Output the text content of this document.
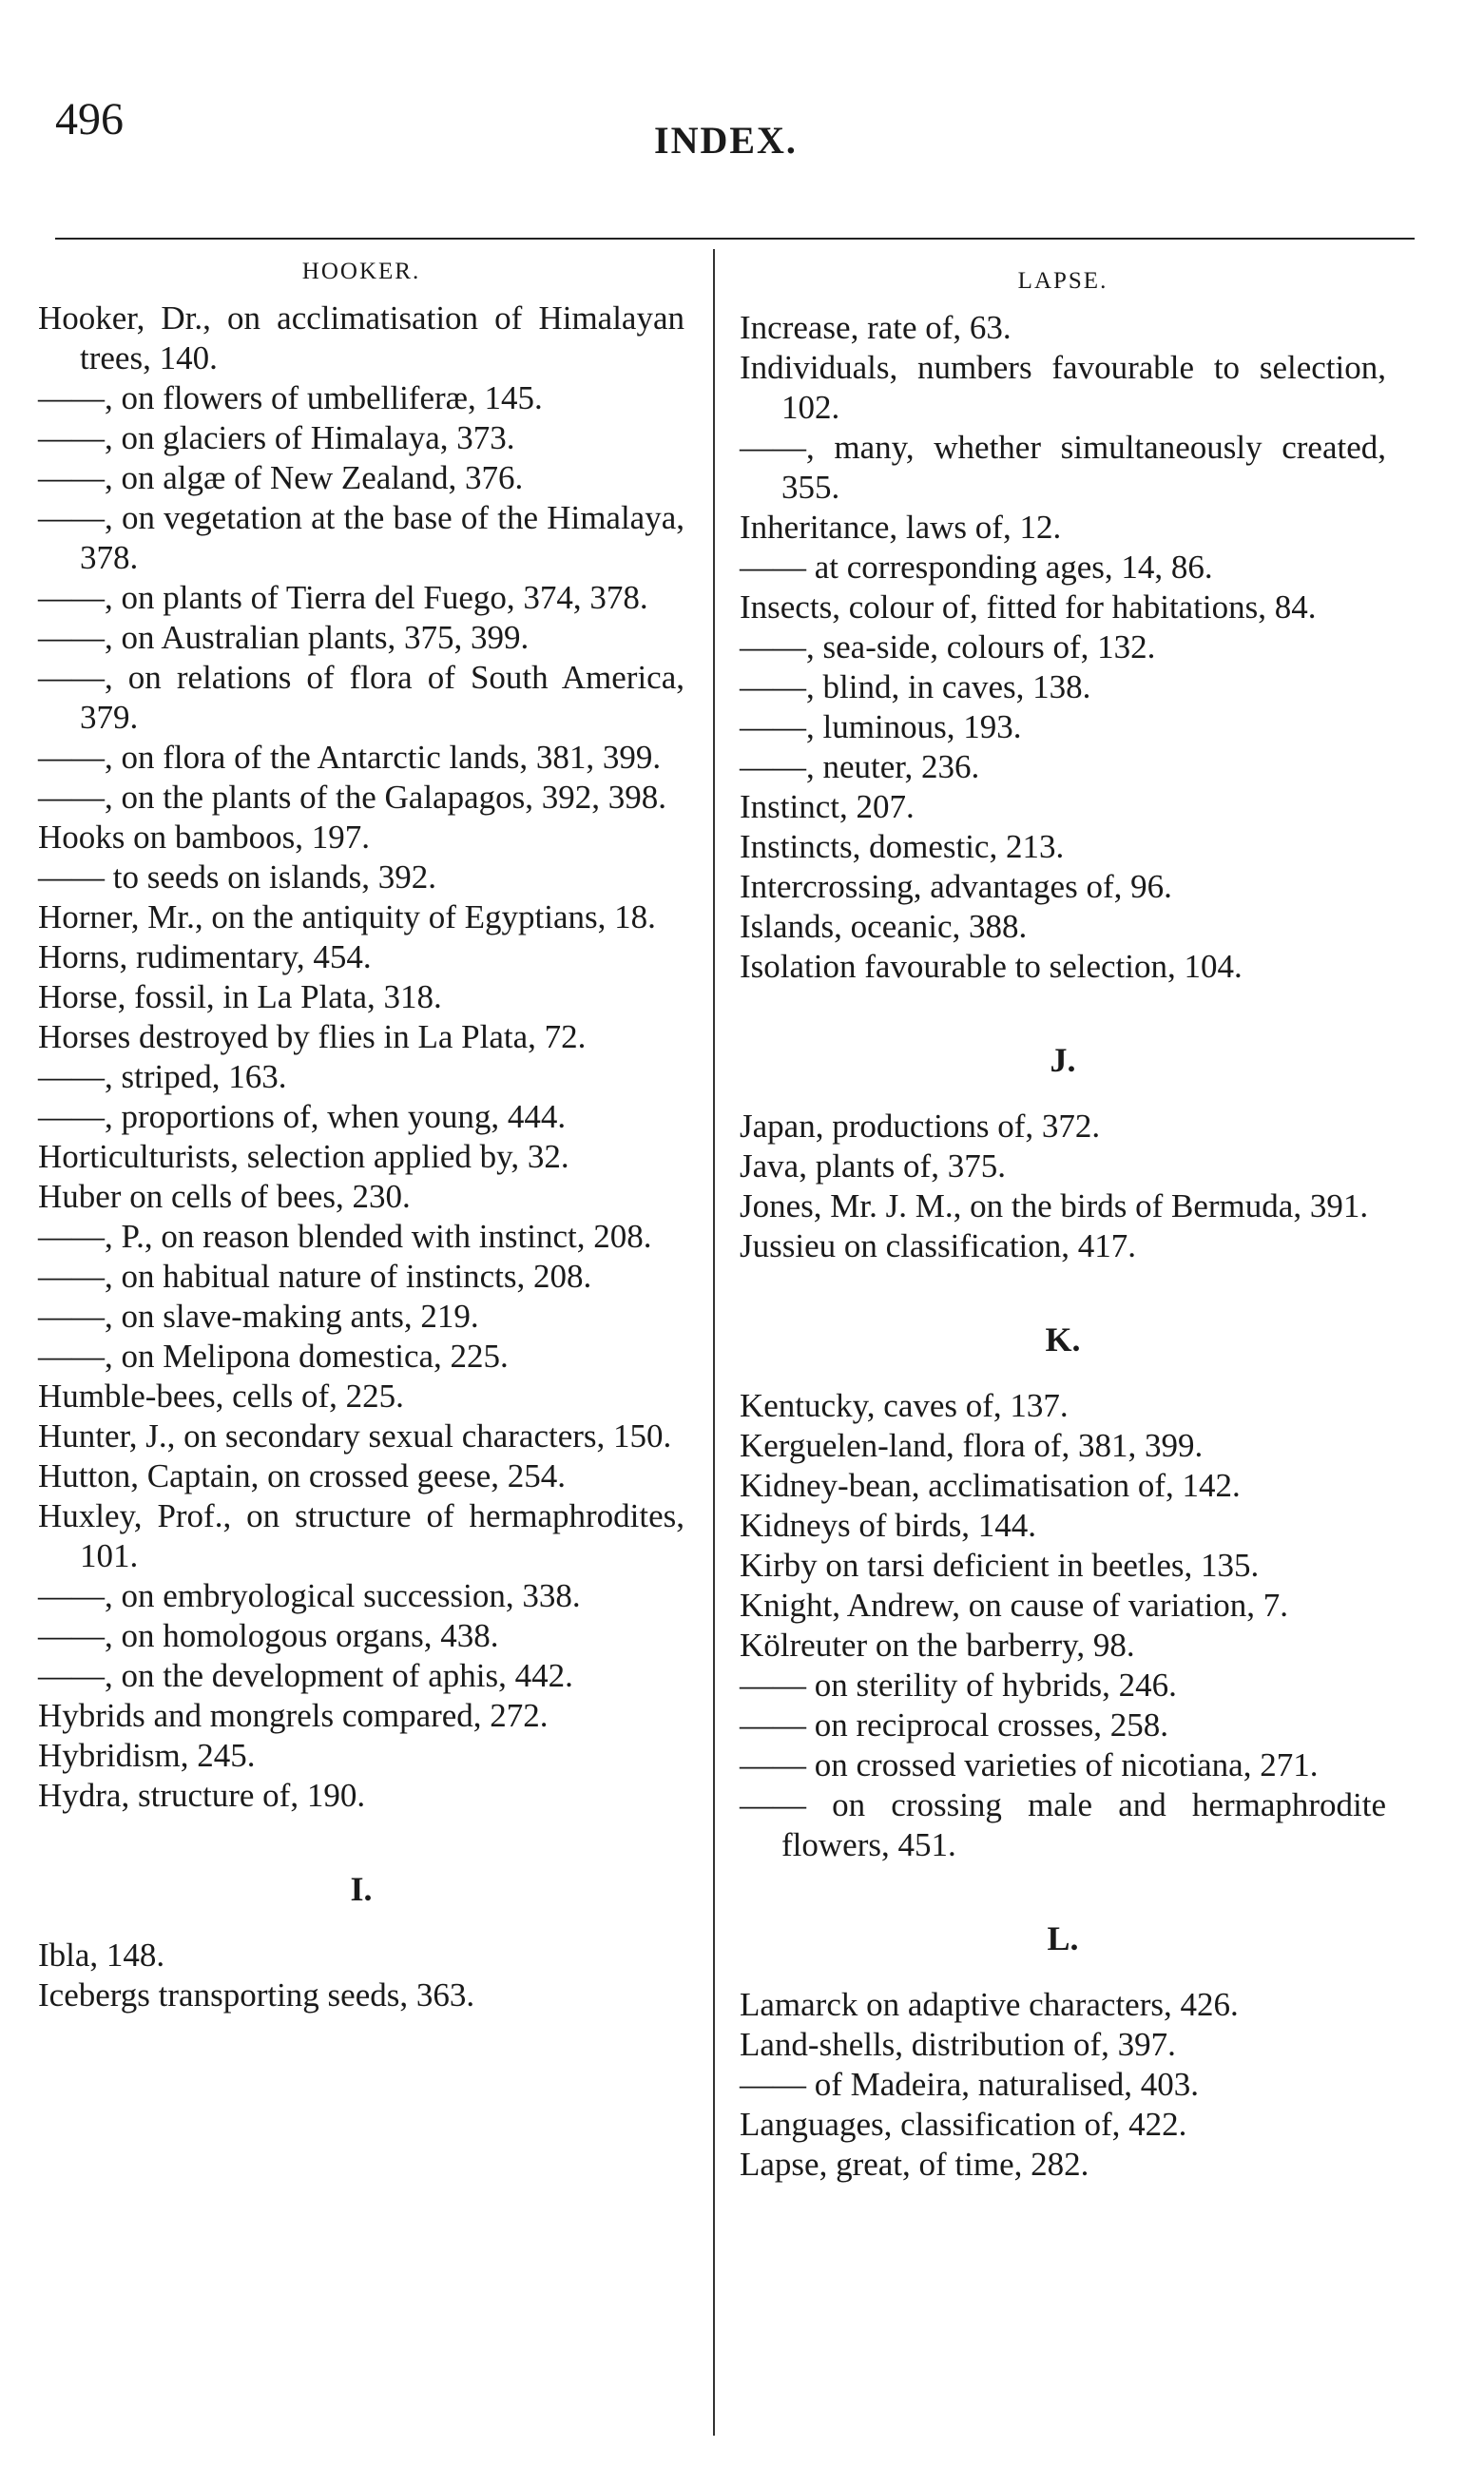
496	INDEX.
HOOKER.
Hooker, Dr., on acclimatisation of Himalayan trees, 140.
——, on flowers of umbelliferæ, 145.
——, on glaciers of Himalaya, 373.
——, on algæ of New Zealand, 376.
——, on vegetation at the base of the Himalaya, 378.
——, on plants of Tierra del Fuego, 374, 378.
——, on Australian plants, 375, 399.
——, on relations of flora of South America, 379.
——, on flora of the Antarctic lands, 381, 399.
——, on the plants of the Galapagos, 392, 398.
Hooks on bamboos, 197.
—— to seeds on islands, 392.
Horner, Mr., on the antiquity of Egyptians, 18.
Horns, rudimentary, 454.
Horse, fossil, in La Plata, 318.
Horses destroyed by flies in La Plata, 72.
——, striped, 163.
——, proportions of, when young, 444.
Horticulturists, selection applied by, 32.
Huber on cells of bees, 230.
——, P., on reason blended with instinct, 208.
——, on habitual nature of instincts, 208.
——, on slave-making ants, 219.
——, on Melipona domestica, 225.
Humble-bees, cells of, 225.
Hunter, J., on secondary sexual characters, 150.
Hutton, Captain, on crossed geese, 254.
Huxley, Prof., on structure of hermaphrodites, 101.
——, on embryological succession, 338.
——, on homologous organs, 438.
——, on the development of aphis, 442.
Hybrids and mongrels compared, 272.
Hybridism, 245.
Hydra, structure of, 190.
I.
Ibla, 148.
Icebergs transporting seeds, 363.
LAPSE.
Increase, rate of, 63.
Individuals, numbers favourable to selection, 102.
——, many, whether simultaneously created, 355.
Inheritance, laws of, 12.
—— at corresponding ages, 14, 86.
Insects, colour of, fitted for habitations, 84.
——, sea-side, colours of, 132.
——, blind, in caves, 138.
——, luminous, 193.
——, neuter, 236.
Instinct, 207.
Instincts, domestic, 213.
Intercrossing, advantages of, 96.
Islands, oceanic, 388.
Isolation favourable to selection, 104.
J.
Japan, productions of, 372.
Java, plants of, 375.
Jones, Mr. J. M., on the birds of Bermuda, 391.
Jussieu on classification, 417.
K.
Kentucky, caves of, 137.
Kerguelen-land, flora of, 381, 399.
Kidney-bean, acclimatisation of, 142.
Kidneys of birds, 144.
Kirby on tarsi deficient in beetles, 135.
Knight, Andrew, on cause of variation, 7.
Kölreuter on the barberry, 98.
—— on sterility of hybrids, 246.
—— on reciprocal crosses, 258.
—— on crossed varieties of nicotiana, 271.
—— on crossing male and hermaphrodite flowers, 451.
L.
Lamarck on adaptive characters, 426.
Land-shells, distribution of, 397.
—— of Madeira, naturalised, 403.
Languages, classification of, 422.
Lapse, great, of time, 282.
